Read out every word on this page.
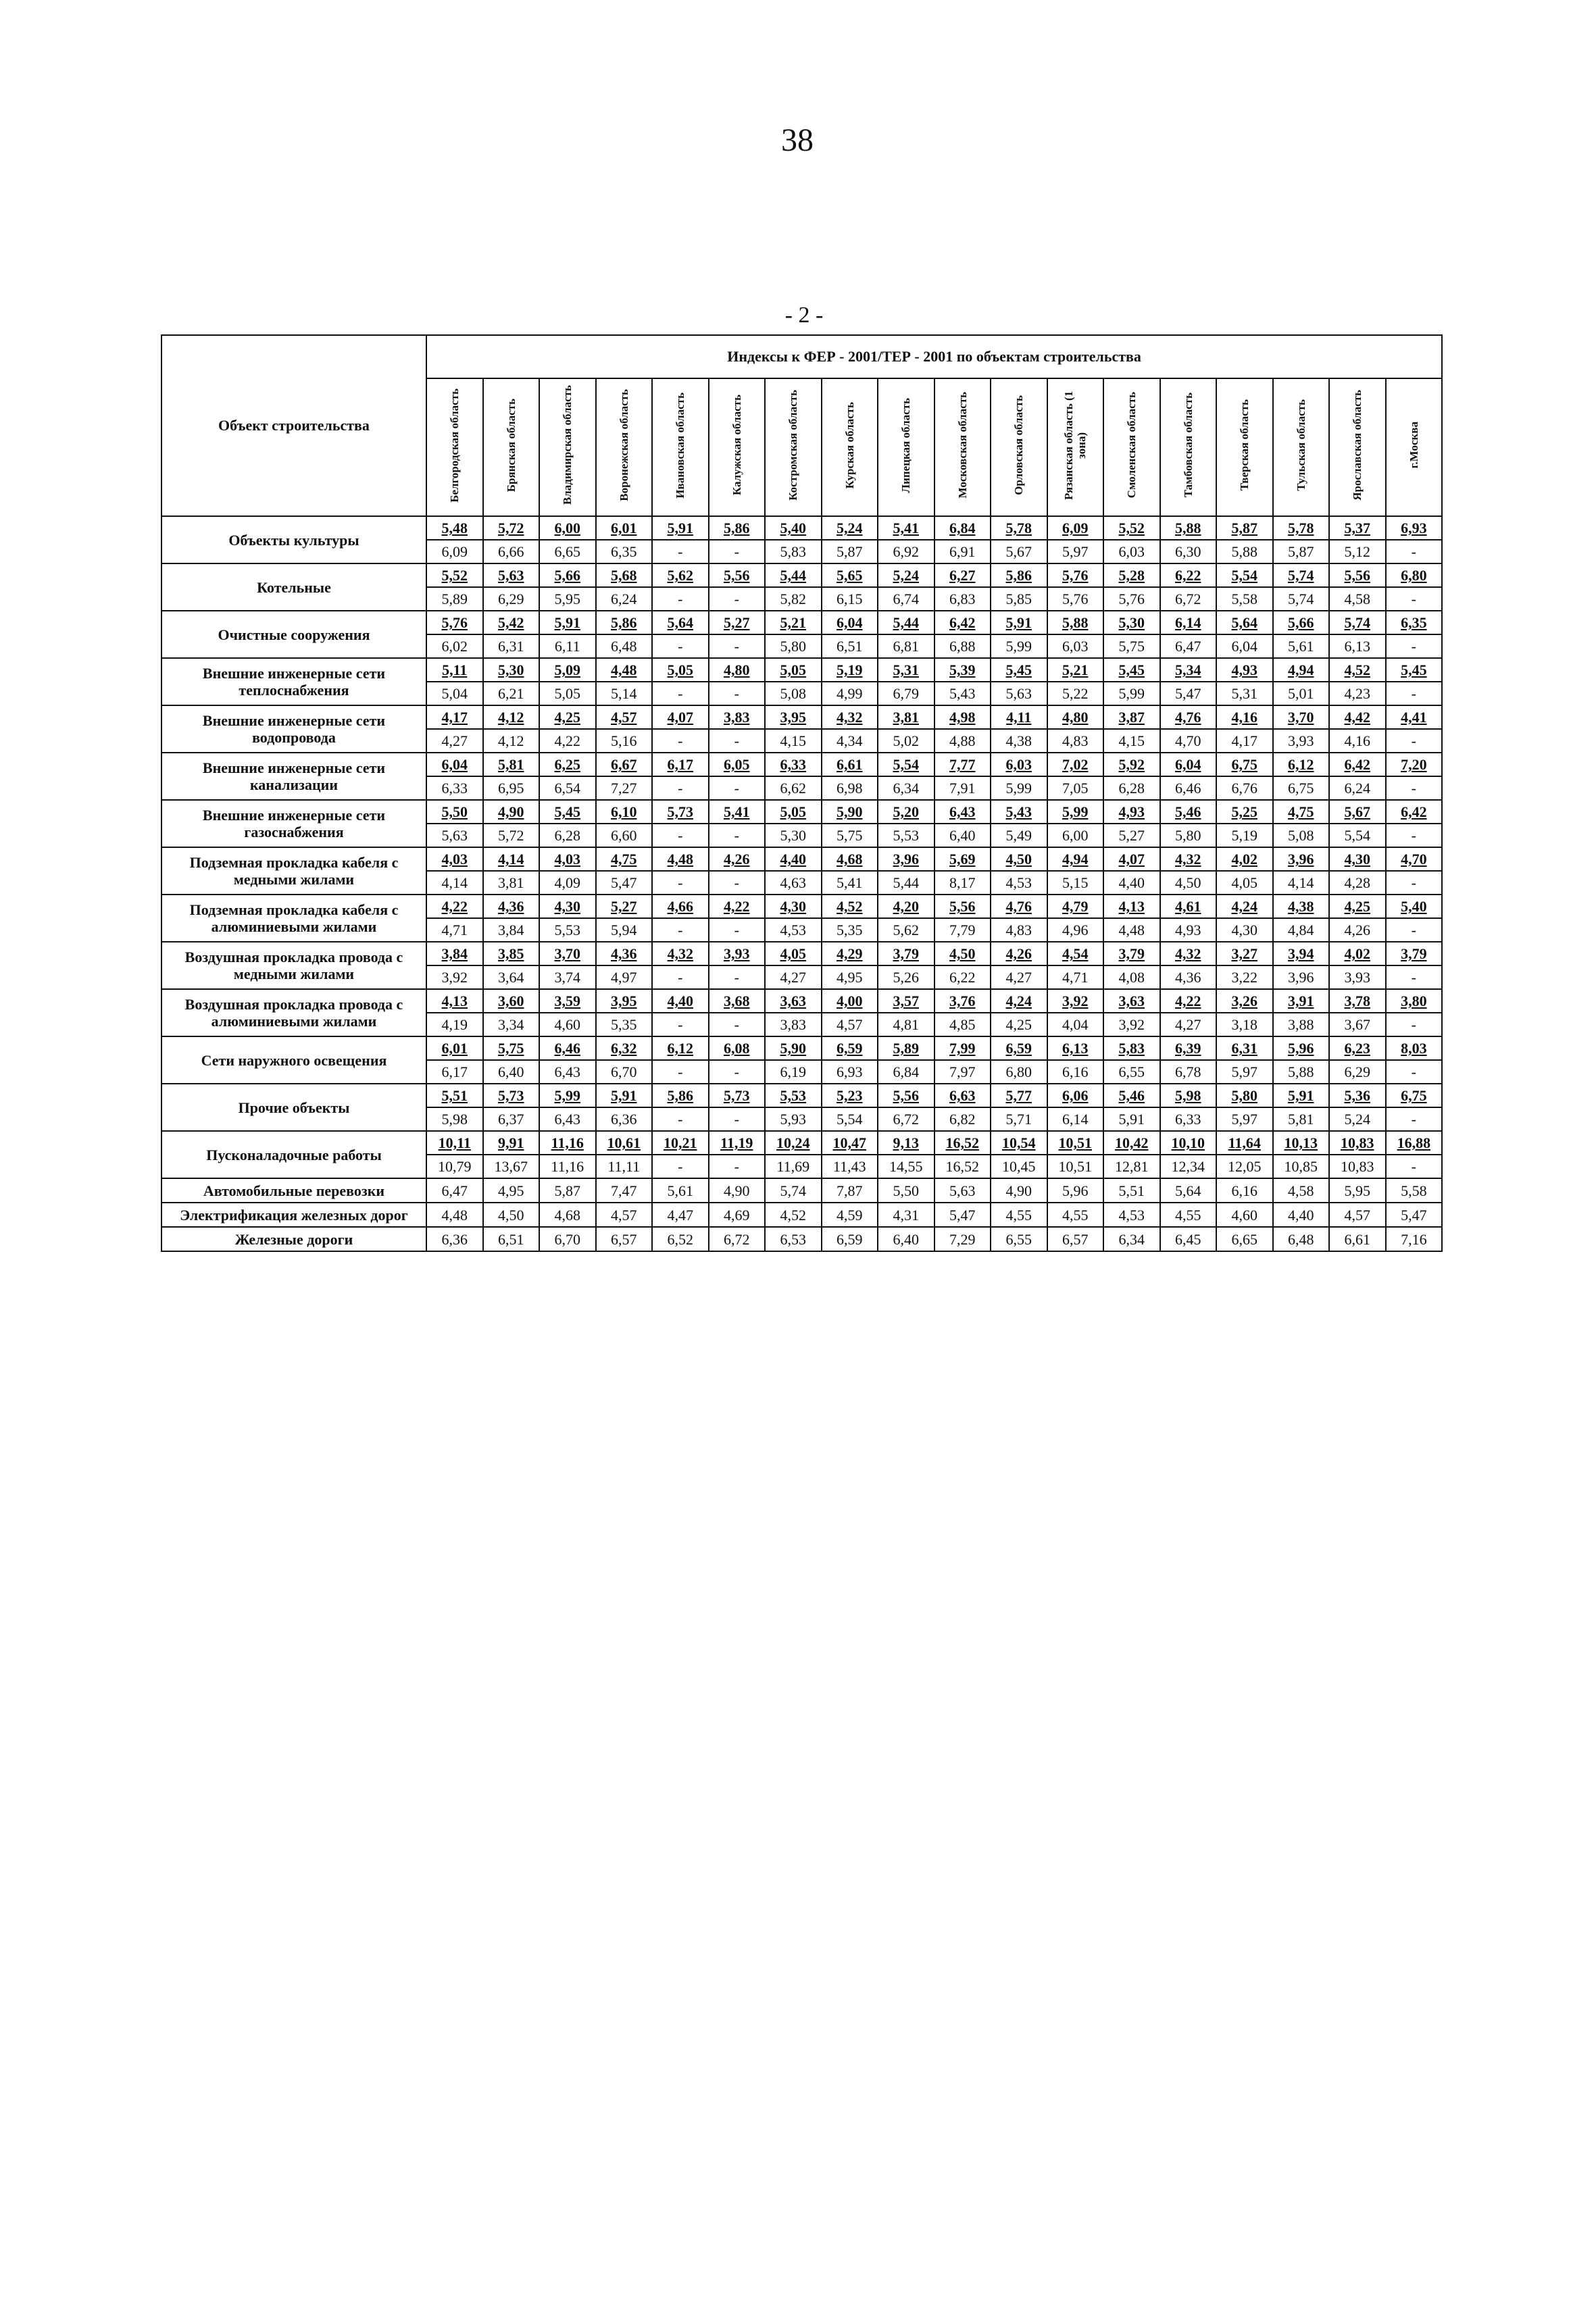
38
- 2 -
Объект строительства	Индексы к ФЕР - 2001/ТЕР - 2001 по объектам строительства																	
	Белгородская область	Брянская область	Владимирская область	Воронежская область	Ивановская область	Калужская область	Костромская область	Курская область	Липецкая область	Московская область	Орловская область	Рязанская область (1 зона)	Смоленская область	Тамбовская область	Тверская область	Тульская область	Ярославская область	г.Москва
Объекты культуры	5,48	5,72	6,00	6,01	5,91	5,86	5,40	5,24	5,41	6,84	5,78	6,09	5,52	5,88	5,87	5,78	5,37	6,93
	6,09	6,66	6,65	6,35	-	-	5,83	5,87	6,92	6,91	5,67	5,97	6,03	6,30	5,88	5,87	5,12	-
Котельные	5,52	5,63	5,66	5,68	5,62	5,56	5,44	5,65	5,24	6,27	5,86	5,76	5,28	6,22	5,54	5,74	5,56	6,80
	5,89	6,29	5,95	6,24	-	-	5,82	6,15	6,74	6,83	5,85	5,76	5,76	6,72	5,58	5,74	4,58	-
Очистные сооружения	5,76	5,42	5,91	5,86	5,64	5,27	5,21	6,04	5,44	6,42	5,91	5,88	5,30	6,14	5,64	5,66	5,74	6,35
	6,02	6,31	6,11	6,48	-	-	5,80	6,51	6,81	6,88	5,99	6,03	5,75	6,47	6,04	5,61	6,13	-
Внешние инженерные сети теплоснабжения	5,11	5,30	5,09	4,48	5,05	4,80	5,05	5,19	5,31	5,39	5,45	5,21	5,45	5,34	4,93	4,94	4,52	5,45
	5,04	6,21	5,05	5,14	-	-	5,08	4,99	6,79	5,43	5,63	5,22	5,99	5,47	5,31	5,01	4,23	-
Внешние инженерные сети водопровода	4,17	4,12	4,25	4,57	4,07	3,83	3,95	4,32	3,81	4,98	4,11	4,80	3,87	4,76	4,16	3,70	4,42	4,41
	4,27	4,12	4,22	5,16	-	-	4,15	4,34	5,02	4,88	4,38	4,83	4,15	4,70	4,17	3,93	4,16	-
Внешние инженерные сети канализации	6,04	5,81	6,25	6,67	6,17	6,05	6,33	6,61	5,54	7,77	6,03	7,02	5,92	6,04	6,75	6,12	6,42	7,20
	6,33	6,95	6,54	7,27	-	-	6,62	6,98	6,34	7,91	5,99	7,05	6,28	6,46	6,76	6,75	6,24	-
Внешние инженерные сети газоснабжения	5,50	4,90	5,45	6,10	5,73	5,41	5,05	5,90	5,20	6,43	5,43	5,99	4,93	5,46	5,25	4,75	5,67	6,42
	5,63	5,72	6,28	6,60	-	-	5,30	5,75	5,53	6,40	5,49	6,00	5,27	5,80	5,19	5,08	5,54	-
Подземная прокладка кабеля с медными жилами	4,03	4,14	4,03	4,75	4,48	4,26	4,40	4,68	3,96	5,69	4,50	4,94	4,07	4,32	4,02	3,96	4,30	4,70
	4,14	3,81	4,09	5,47	-	-	4,63	5,41	5,44	8,17	4,53	5,15	4,40	4,50	4,05	4,14	4,28	-
Подземная прокладка кабеля с алюминиевыми жилами	4,22	4,36	4,30	5,27	4,66	4,22	4,30	4,52	4,20	5,56	4,76	4,79	4,13	4,61	4,24	4,38	4,25	5,40
	4,71	3,84	5,53	5,94	-	-	4,53	5,35	5,62	7,79	4,83	4,96	4,48	4,93	4,30	4,84	4,26	-
Воздушная прокладка провода с медными жилами	3,84	3,85	3,70	4,36	4,32	3,93	4,05	4,29	3,79	4,50	4,26	4,54	3,79	4,32	3,27	3,94	4,02	3,79
	3,92	3,64	3,74	4,97	-	-	4,27	4,95	5,26	6,22	4,27	4,71	4,08	4,36	3,22	3,96	3,93	-
Воздушная прокладка провода с алюминиевыми жилами	4,13	3,60	3,59	3,95	4,40	3,68	3,63	4,00	3,57	3,76	4,24	3,92	3,63	4,22	3,26	3,91	3,78	3,80
	4,19	3,34	4,60	5,35	-	-	3,83	4,57	4,81	4,85	4,25	4,04	3,92	4,27	3,18	3,88	3,67	-
Сети наружного освещения	6,01	5,75	6,46	6,32	6,12	6,08	5,90	6,59	5,89	7,99	6,59	6,13	5,83	6,39	6,31	5,96	6,23	8,03
	6,17	6,40	6,43	6,70	-	-	6,19	6,93	6,84	7,97	6,80	6,16	6,55	6,78	5,97	5,88	6,29	-
Прочие объекты	5,51	5,73	5,99	5,91	5,86	5,73	5,53	5,23	5,56	6,63	5,77	6,06	5,46	5,98	5,80	5,91	5,36	6,75
	5,98	6,37	6,43	6,36	-	-	5,93	5,54	6,72	6,82	5,71	6,14	5,91	6,33	5,97	5,81	5,24	-
Пусконаладочные работы	10,11	9,91	11,16	10,61	10,21	11,19	10,24	10,47	9,13	16,52	10,54	10,51	10,42	10,10	11,64	10,13	10,83	16,88
	10,79	13,67	11,16	11,11	-	-	11,69	11,43	14,55	16,52	10,45	10,51	12,81	12,34	12,05	10,85	10,83	-
Автомобильные перевозки	6,47	4,95	5,87	7,47	5,61	4,90	5,74	7,87	5,50	5,63	4,90	5,96	5,51	5,64	6,16	4,58	5,95	5,58
Электрификация железных дорог	4,48	4,50	4,68	4,57	4,47	4,69	4,52	4,59	4,31	5,47	4,55	4,55	4,53	4,55	4,60	4,40	4,57	5,47
Железные дороги	6,36	6,51	6,70	6,57	6,52	6,72	6,53	6,59	6,40	7,29	6,55	6,57	6,34	6,45	6,65	6,48	6,61	7,16
